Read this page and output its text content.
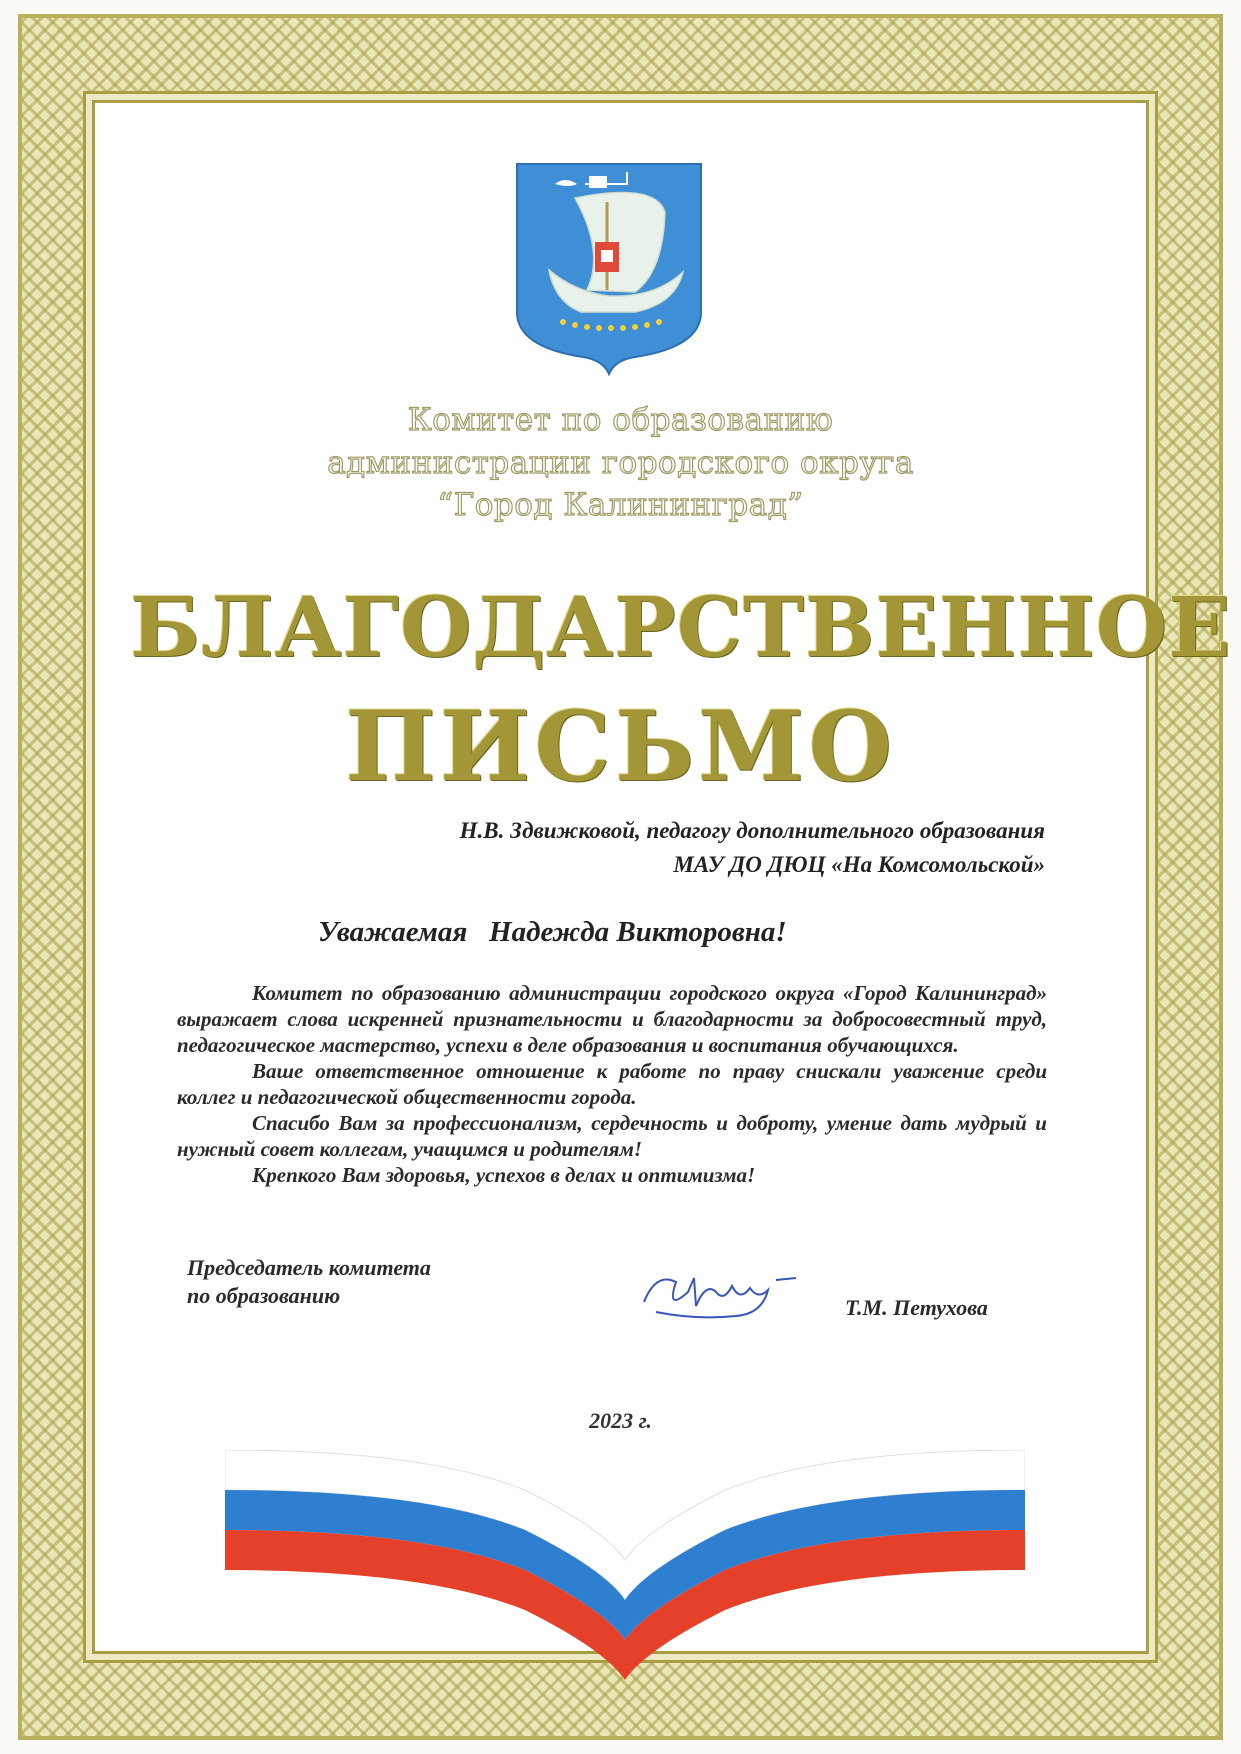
Комитет по образованию
администрации городского округа
“Город Калининград”
БЛАГОДАРСТВЕННОЕ
ПИСЬМО
Н.В. Здвижковой, педагогу дополнительного образования
МАУ ДО ДЮЦ «На Комсомольской»
Уважаемая   Надежда Викторовна!

Комитет по образованию администрации городского округа «Город Калининград» выражает слова искренней признательности и благодарности за добросовестный труд, педагогическое мастерство, успехи в деле образования и воспитания обучающихся.

Ваше ответственное отношение к работе по праву снискали уважение среди коллег и педагогической общественности города.

Спасибо Вам за профессионализм, сердечность и доброту, умение дать мудрый и нужный совет коллегам, учащимся и родителям!

Крепкого Вам здоровья, успехов в делах и оптимизма!

Председатель комитета
по образованию	Т.М. Петухова
2023 г.
